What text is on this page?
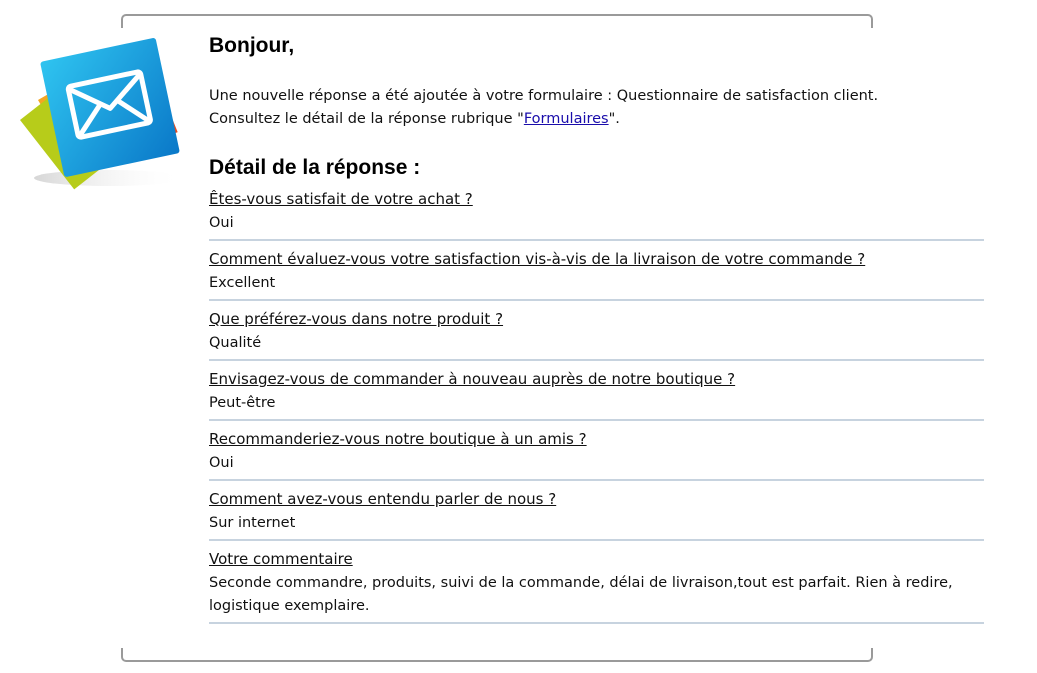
Bonjour,
Une nouvelle réponse a été ajoutée à votre formulaire : Questionnaire de satisfaction client.
Consultez le détail de la réponse rubrique "Formulaires".
Détail de la réponse :
Êtes-vous satisfait de votre achat ?
Oui
Comment évaluez-vous votre satisfaction vis-à-vis de la livraison de votre commande ?
Excellent
Que préférez-vous dans notre produit ?
Qualité
Envisagez-vous de commander à nouveau auprès de notre boutique ?
Peut-être
Recommanderiez-vous notre boutique à un amis ?
Oui
Comment avez-vous entendu parler de nous ?
Sur internet
Votre commentaire
Seconde commandre, produits, suivi de la commande, délai de livraison,tout est parfait. Rien à redire, logistique exemplaire.
